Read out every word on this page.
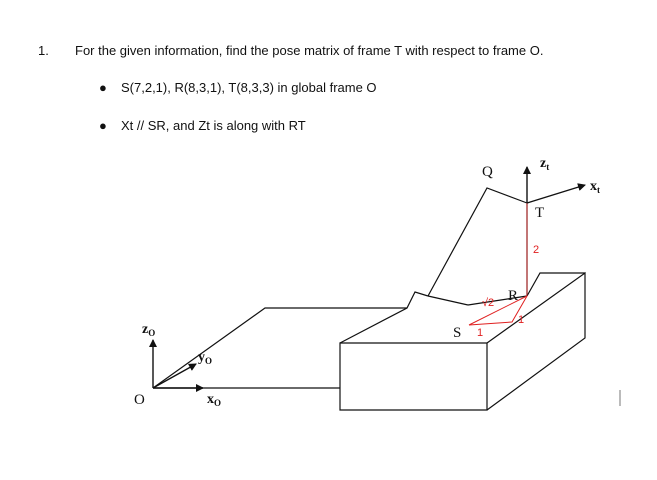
1. For the given information, find the pose matrix of frame T with respect to frame O.
● S(7,2,1), R(8,3,1), T(8,3,3) in global frame O
● Xt // SR, and Zt is along with RT
Q
T
R
S
O
$z_t$
$x_t$
$z_O$
$y_O$
$x_O$
2
√2
1
1
